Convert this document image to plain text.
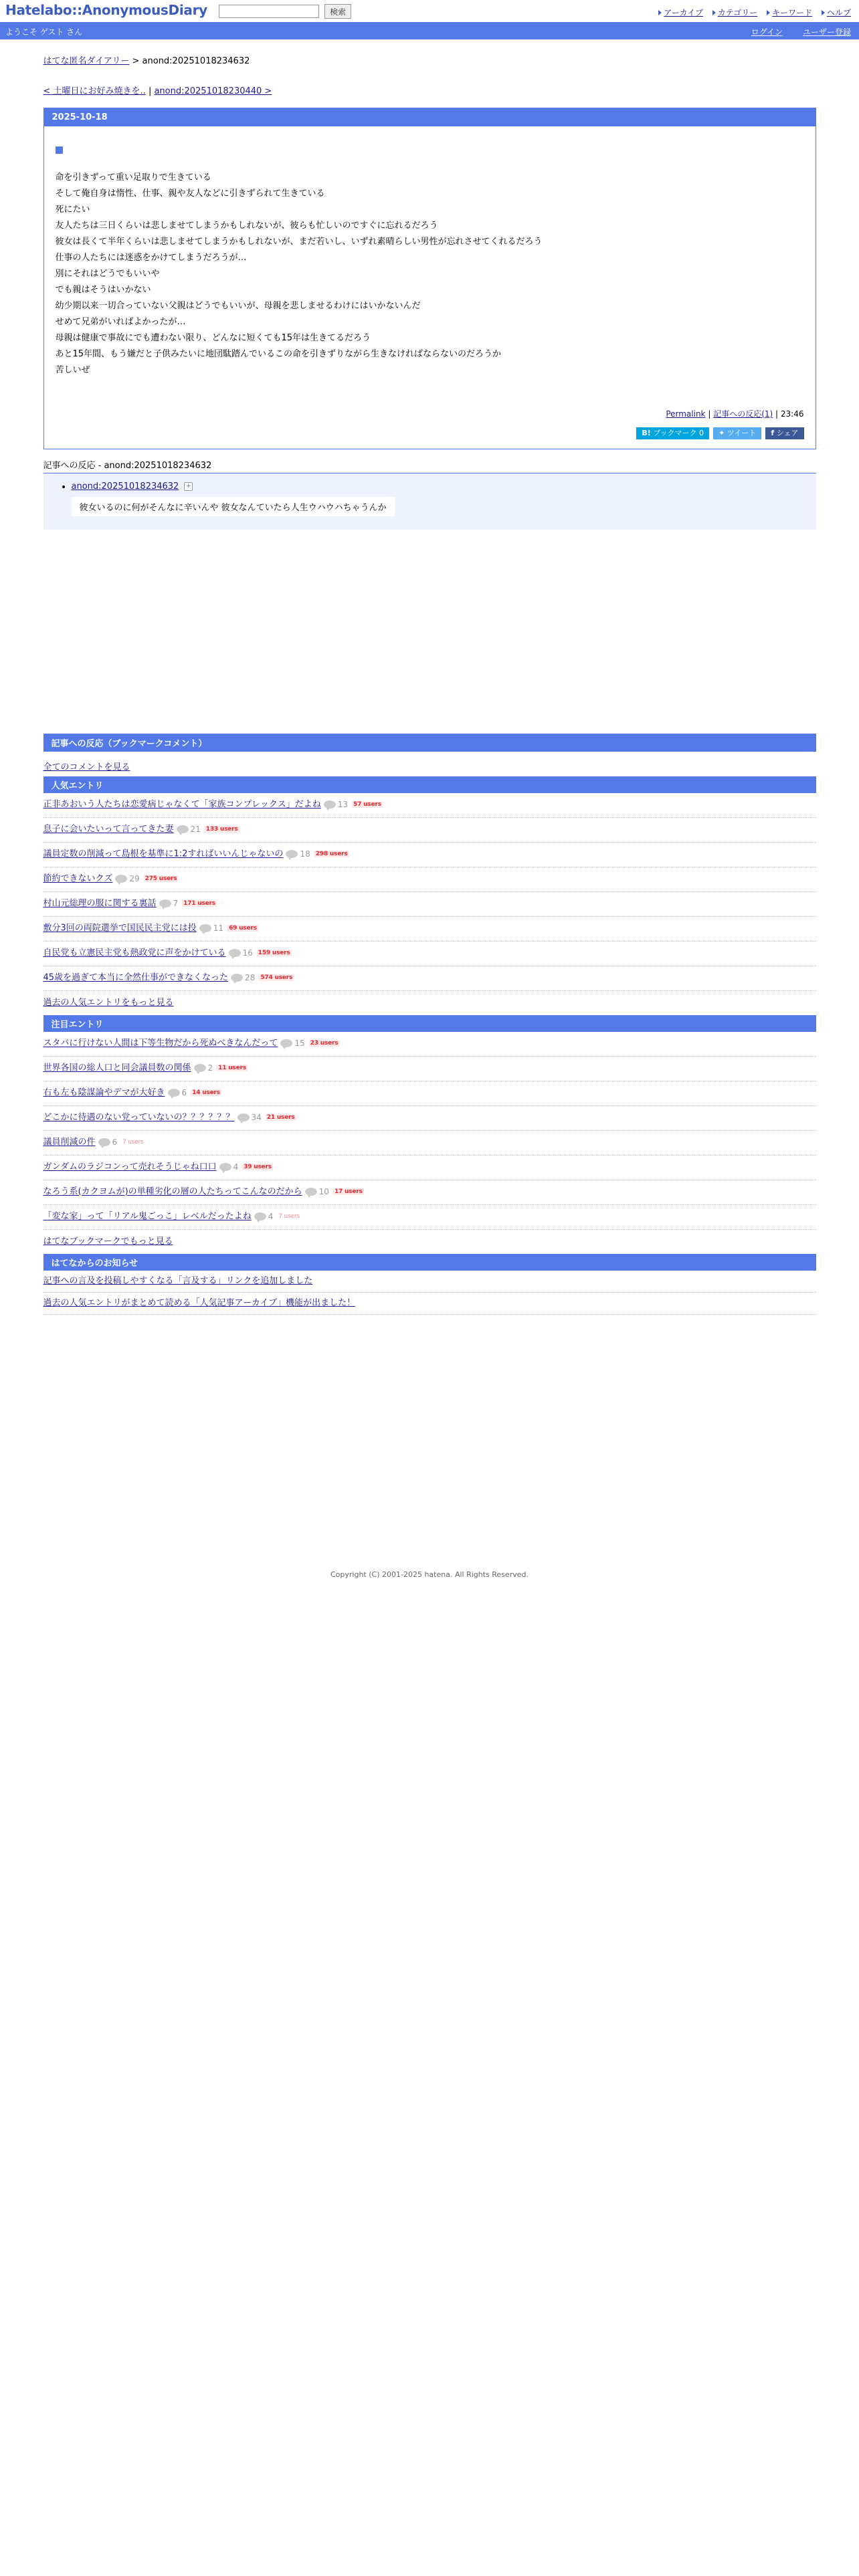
Hatelabo::AnonymousDiary	検索	アーカイブ カテゴリー キーワード ヘルプ
ようこそ ゲスト さん	ログイン ユーザー登録
はてな匿名ダイアリー > anond:20251018234632
< 土曜日にお好み焼きを.. | anond:20251018230440 >
2025-10-18
命を引きずって重い足取りで生きている
そして俺自身は惰性、仕事、親や友人などに引きずられて生きている
死にたい
友人たちは三日くらいは悲しませてしまうかもしれないが、彼らも忙しいのですぐに忘れるだろう
彼女は長くて半年くらいは悲しませてしまうかもしれないが、まだ若いし、いずれ素晴らしい男性が忘れさせてくれるだろう
仕事の人たちには迷惑をかけてしまうだろうが…
別にそれはどうでもいいや
でも親はそうはいかない
幼少期以来一切合っていない父親はどうでもいいが、母親を悲しませるわけにはいかないんだ
せめて兄弟がいればよかったが…
母親は健康で事故にでも遭わない限り、どんなに短くても15年は生きてるだろう
あと15年間、もう嫌だと子供みたいに地団駄踏んでいるこの命を引きずりながら生きなければならないのだろうか
苦しいぜ
Permalink | 記事への反応(1) | 23:46
B! ブックマーク 0 ✦ ツイート f シェア
記事への反応 - anond:20251018234632
• anond:20251018234632 +
彼女いるのに何がそんなに辛いんや 彼女なんていたら人生ウハウハちゃうんか
記事への反応（ブックマークコメント）
全てのコメントを見る
人気エントリ
正非あおいう人たちは恋愛病じゃなくて「家族コンプレックス」だよね 13 57 users
息子に会いたいって言ってきた妻 21 133 users
議員定数の削減って島根を基準に1:2すればいいんじゃないの 18 298 users
節約できないクズ 29 275 users
村山元総理の服に関する裏話 7 171 users
敷分3回の両院選挙で国民民主党には投 11 69 users
自民党も立憲民主党も熱政党に声をかけている 16 159 users
45歳を過ぎて本当に全然仕事ができなくなった 28 574 users
過去の人気エントリをもっと見る
注目エントリ
スタバに行けない人間は下等生物だから死ぬべきなんだって 15 23 users
世界各国の総人口と同会議員数の関係 2 11 users
右も左も陰謀論やデマが大好き 6 14 users
どこかに待遇のない党っていないの？？？？？？ 34 21 users
議員削減の件 6 7 users
ガンダムのラジコンって売れそうじゃね口口 4 39 users
なろう系(カクヨムが)の単種劣化の層の人たちってこんなのだから 10 17 users
「変な家」って「リアル鬼ごっこ」レベルだったよね 4 7 users
はてなブックマークでもっと見る
はてなからのお知らせ
記事への言及を投稿しやすくなる「言及する」リンクを追加しました
過去の人気エントリがまとめて読める「人気記事アーカイブ」機能が出ました！
Copyright (C) 2001-2025 hatena. All Rights Reserved.
